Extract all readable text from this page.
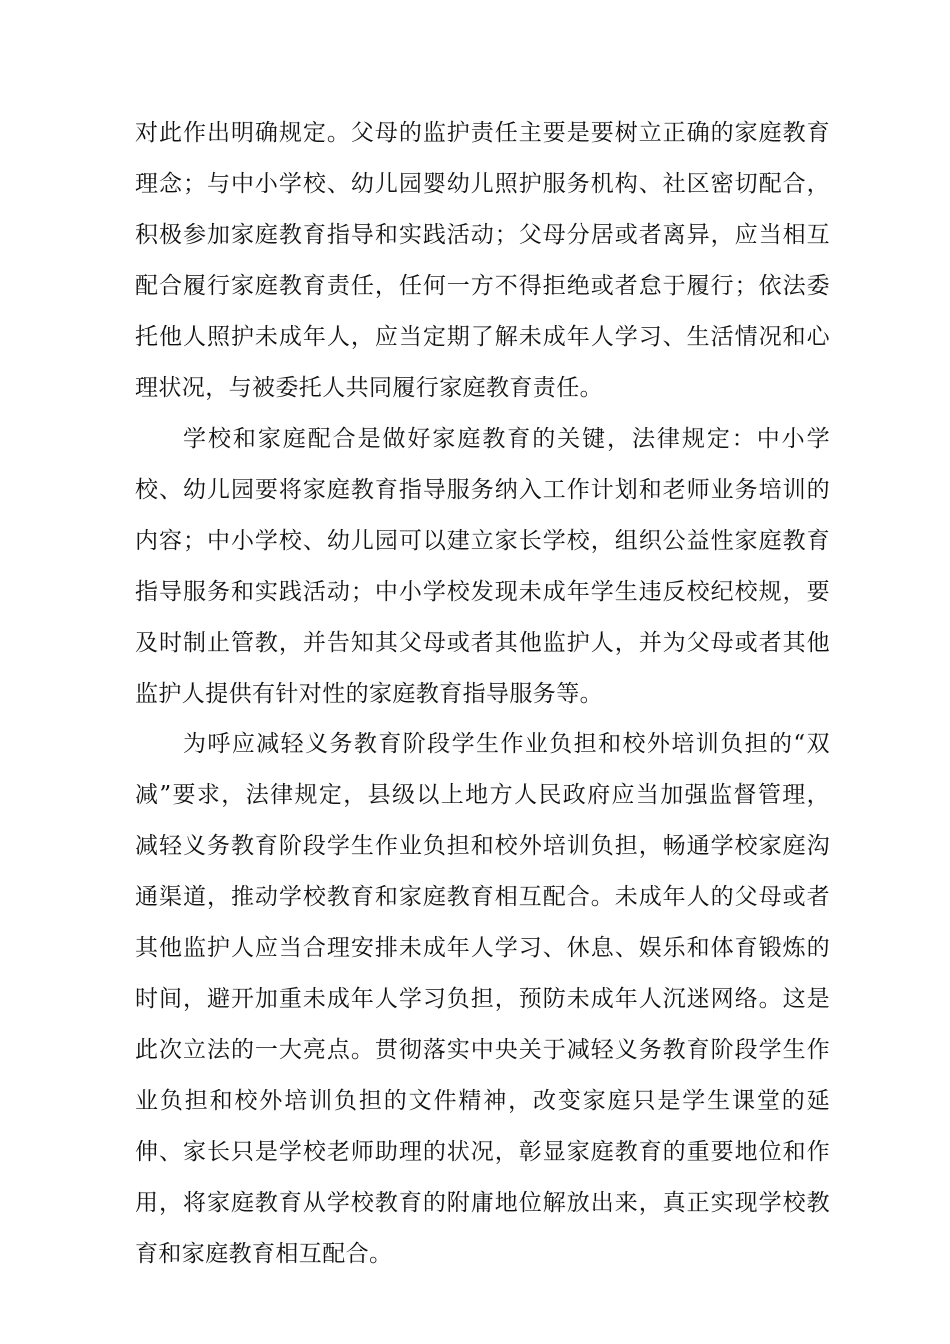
对此作出明确规定。父母的监护责任主要是要树立正确的家庭教育
理念；与中小学校、幼儿园婴幼儿照护服务机构、社区密切配合，
积极参加家庭教育指导和实践活动；父母分居或者离异，应当相互
配合履行家庭教育责任，任何一方不得拒绝或者怠于履行；依法委
托他人照护未成年人，应当定期了解未成年人学习、生活情况和心
理状况，与被委托人共同履行家庭教育责任。
学校和家庭配合是做好家庭教育的关键，法律规定：中小学
校、幼儿园要将家庭教育指导服务纳入工作计划和老师业务培训的
内容；中小学校、幼儿园可以建立家长学校，组织公益性家庭教育
指导服务和实践活动；中小学校发现未成年学生违反校纪校规，要
及时制止管教，并告知其父母或者其他监护人，并为父母或者其他
监护人提供有针对性的家庭教育指导服务等。
为呼应减轻义务教育阶段学生作业负担和校外培训负担的“双
减”要求，法律规定，县级以上地方人民政府应当加强监督管理，
减轻义务教育阶段学生作业负担和校外培训负担，畅通学校家庭沟
通渠道，推动学校教育和家庭教育相互配合。未成年人的父母或者
其他监护人应当合理安排未成年人学习、休息、娱乐和体育锻炼的
时间，避开加重未成年人学习负担，预防未成年人沉迷网络。这是
此次立法的一大亮点。贯彻落实中央关于减轻义务教育阶段学生作
业负担和校外培训负担的文件精神，改变家庭只是学生课堂的延
伸、家长只是学校老师助理的状况，彰显家庭教育的重要地位和作
用，将家庭教育从学校教育的附庸地位解放出来，真正实现学校教
育和家庭教育相互配合。
